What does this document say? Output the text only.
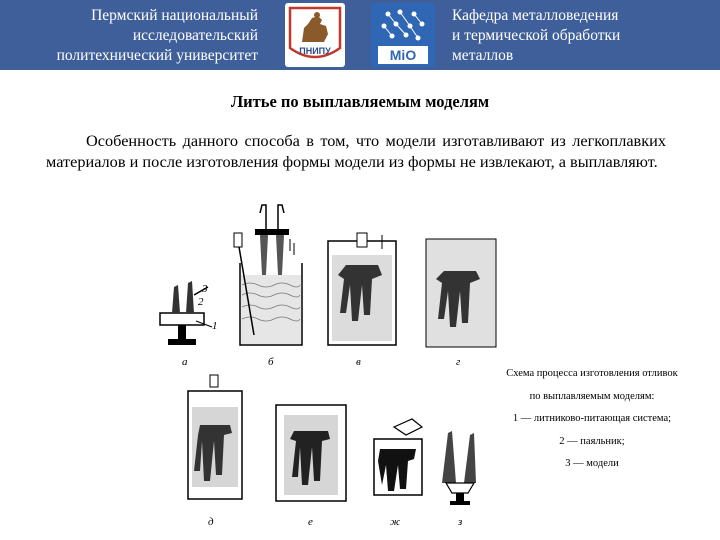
Пермский национальный
исследовательский
политехнический университет	ПНИПУ	MiO
Кафедра металловедения
и термической обработки
металлов
Литье по выплавляемым моделям
Особенность данного способа в том, что модели изготавливают из легкоплавких материалов и после изготовления формы модели из формы не извлекают, а выплавляют.
3
2
1
а	б	в	г
д	е	ж	з
Схема процесса изготовления отливок
по выплавляемым моделям:
1 — литниково-питающая система;
2 — паяльник;
3 — модели
